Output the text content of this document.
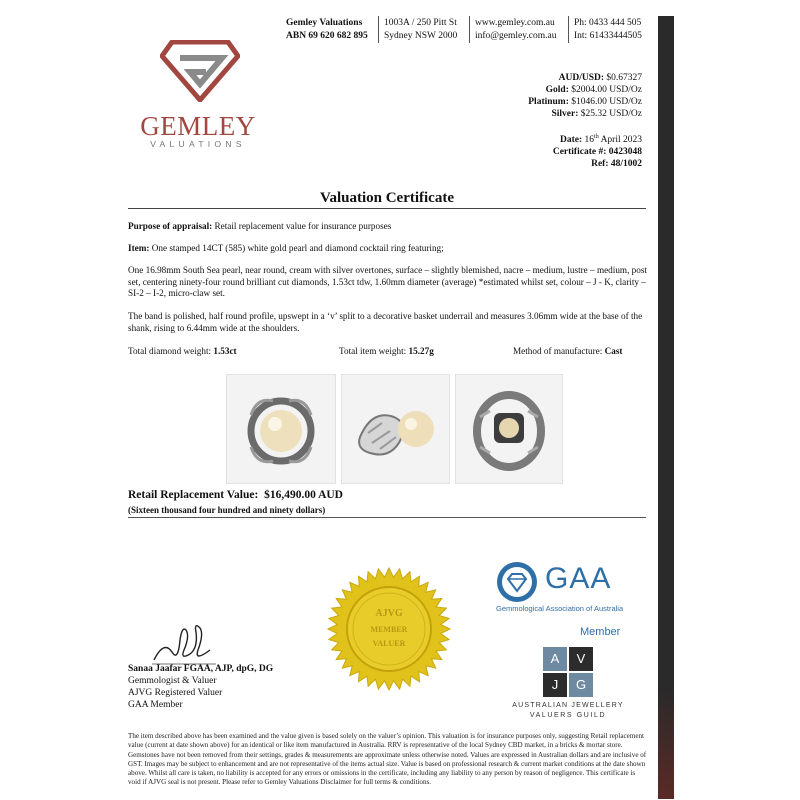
Gemley Valuations
ABN 69 620 682 895
1003A / 250 Pitt St
Sydney NSW 2000
www.gemley.com.au
info@gemley.com.au
Ph: 0433 444 505
Int: 61433444505
GEMLEY
VALUATIONS
AUD/USD: $0.67327
Gold: $2004.00 USD/Oz
Platinum: $1046.00 USD/Oz
Silver: $25.32 USD/Oz
Date: 16th April 2023
Certificate #: 0423048
Ref: 48/1002
Valuation Certificate
Purpose of appraisal: Retail replacement value for insurance purposes
Item: One stamped 14CT (585) white gold pearl and diamond cocktail ring featuring;
One 16.98mm South Sea pearl, near round, cream with silver overtones, surface – slightly blemished, nacre – medium, lustre – medium, post set, centering ninety-four round brilliant cut diamonds, 1.53ct tdw, 1.60mm diameter (average) *estimated whilst set, colour – J - K, clarity – SI-2 – I-2, micro-claw set.
The band is polished, half round profile, upswept in a ‘v’ split to a decorative basket underrail and measures 3.06mm wide at the base of the shank, rising to 6.44mm wide at the shoulders.
Total diamond weight: 1.53ct	Total item weight: 15.27g	Method of manufacture: Cast
Retail Replacement Value: $16,490.00 AUD
(Sixteen thousand four hundred and ninety dollars)
AJVG
MEMBER
VALUER
Sanaa Jaafar FGAA, AJP, dpG, DG
Gemmologist & Valuer
AJVG Registered Valuer
GAA Member
GAA
Gemmological Association of Australia
Member
A	V
J	G
AUSTRALIAN JEWELLERY
VALUERS GUILD
The item described above has been examined and the value given is based solely on the valuer’s opinion. This valuation is for insurance purposes only, suggesting Retail replacement value (current at date shown above) for an identical or like item manufactured in Australia. RRV is representative of the local Sydney CBD market, in a bricks & mortar store. Gemstones have not been removed from their settings, grades & measurements are approximate unless otherwise noted. Values are expressed in Australian dollars and are inclusive of GST. Images may be subject to enhancement and are not representative of the items actual size. Value is based on professional research & current market conditions at the date shown above. Whilst all care is taken, no liability is accepted for any errors or omissions in the certificate, including any liability to any person by reason of negligence. This certificate is void if AJVG seal is not present. Please refer to Gemley Valuations Disclaimer for full terms & conditions.
